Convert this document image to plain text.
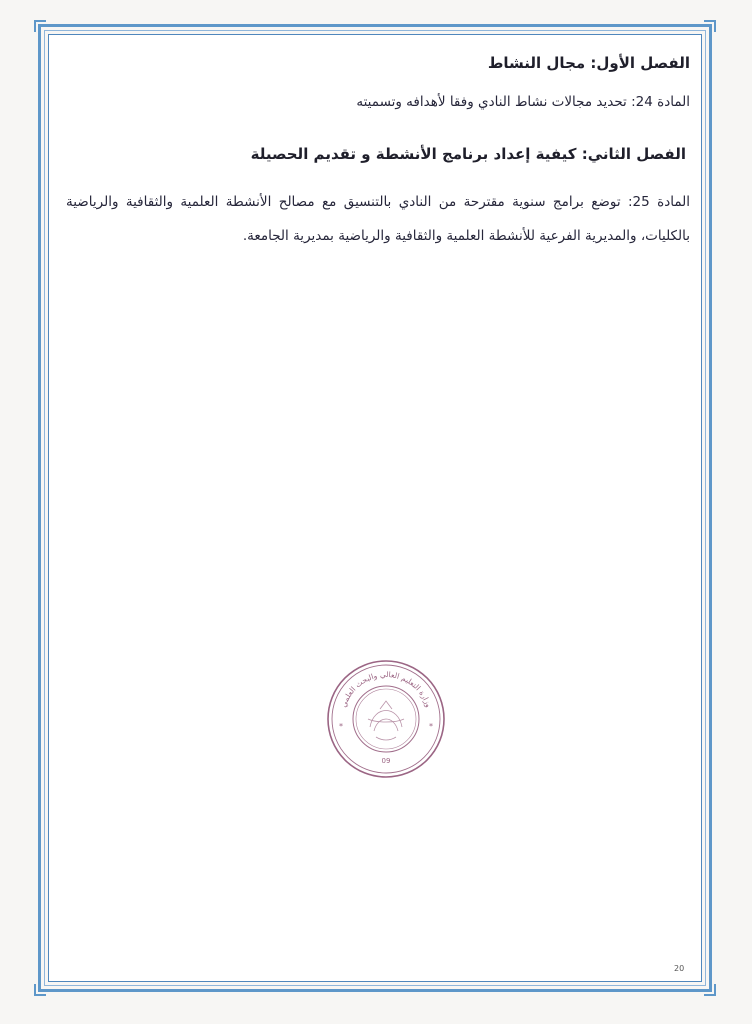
الفصل الأول: مجال النشاط

المادة 24: تحديد مجالات نشاط النادي وفقا لأهدافه وتسميته

الفصل الثاني: كيفية إعداد برنامج الأنشطة و تقديم الحصيلة

المادة 25: توضع برامج سنوية مقترحة من النادي بالتنسيق مع مصالح الأنشطة العلمية والثقافية والرياضية بالكليات، والمديرية الفرعية للأنشطة العلمية والثقافية والرياضية بمديرية الجامعة.

وزارة التعليم العالي والبحث العلمي
09
*	*
20
